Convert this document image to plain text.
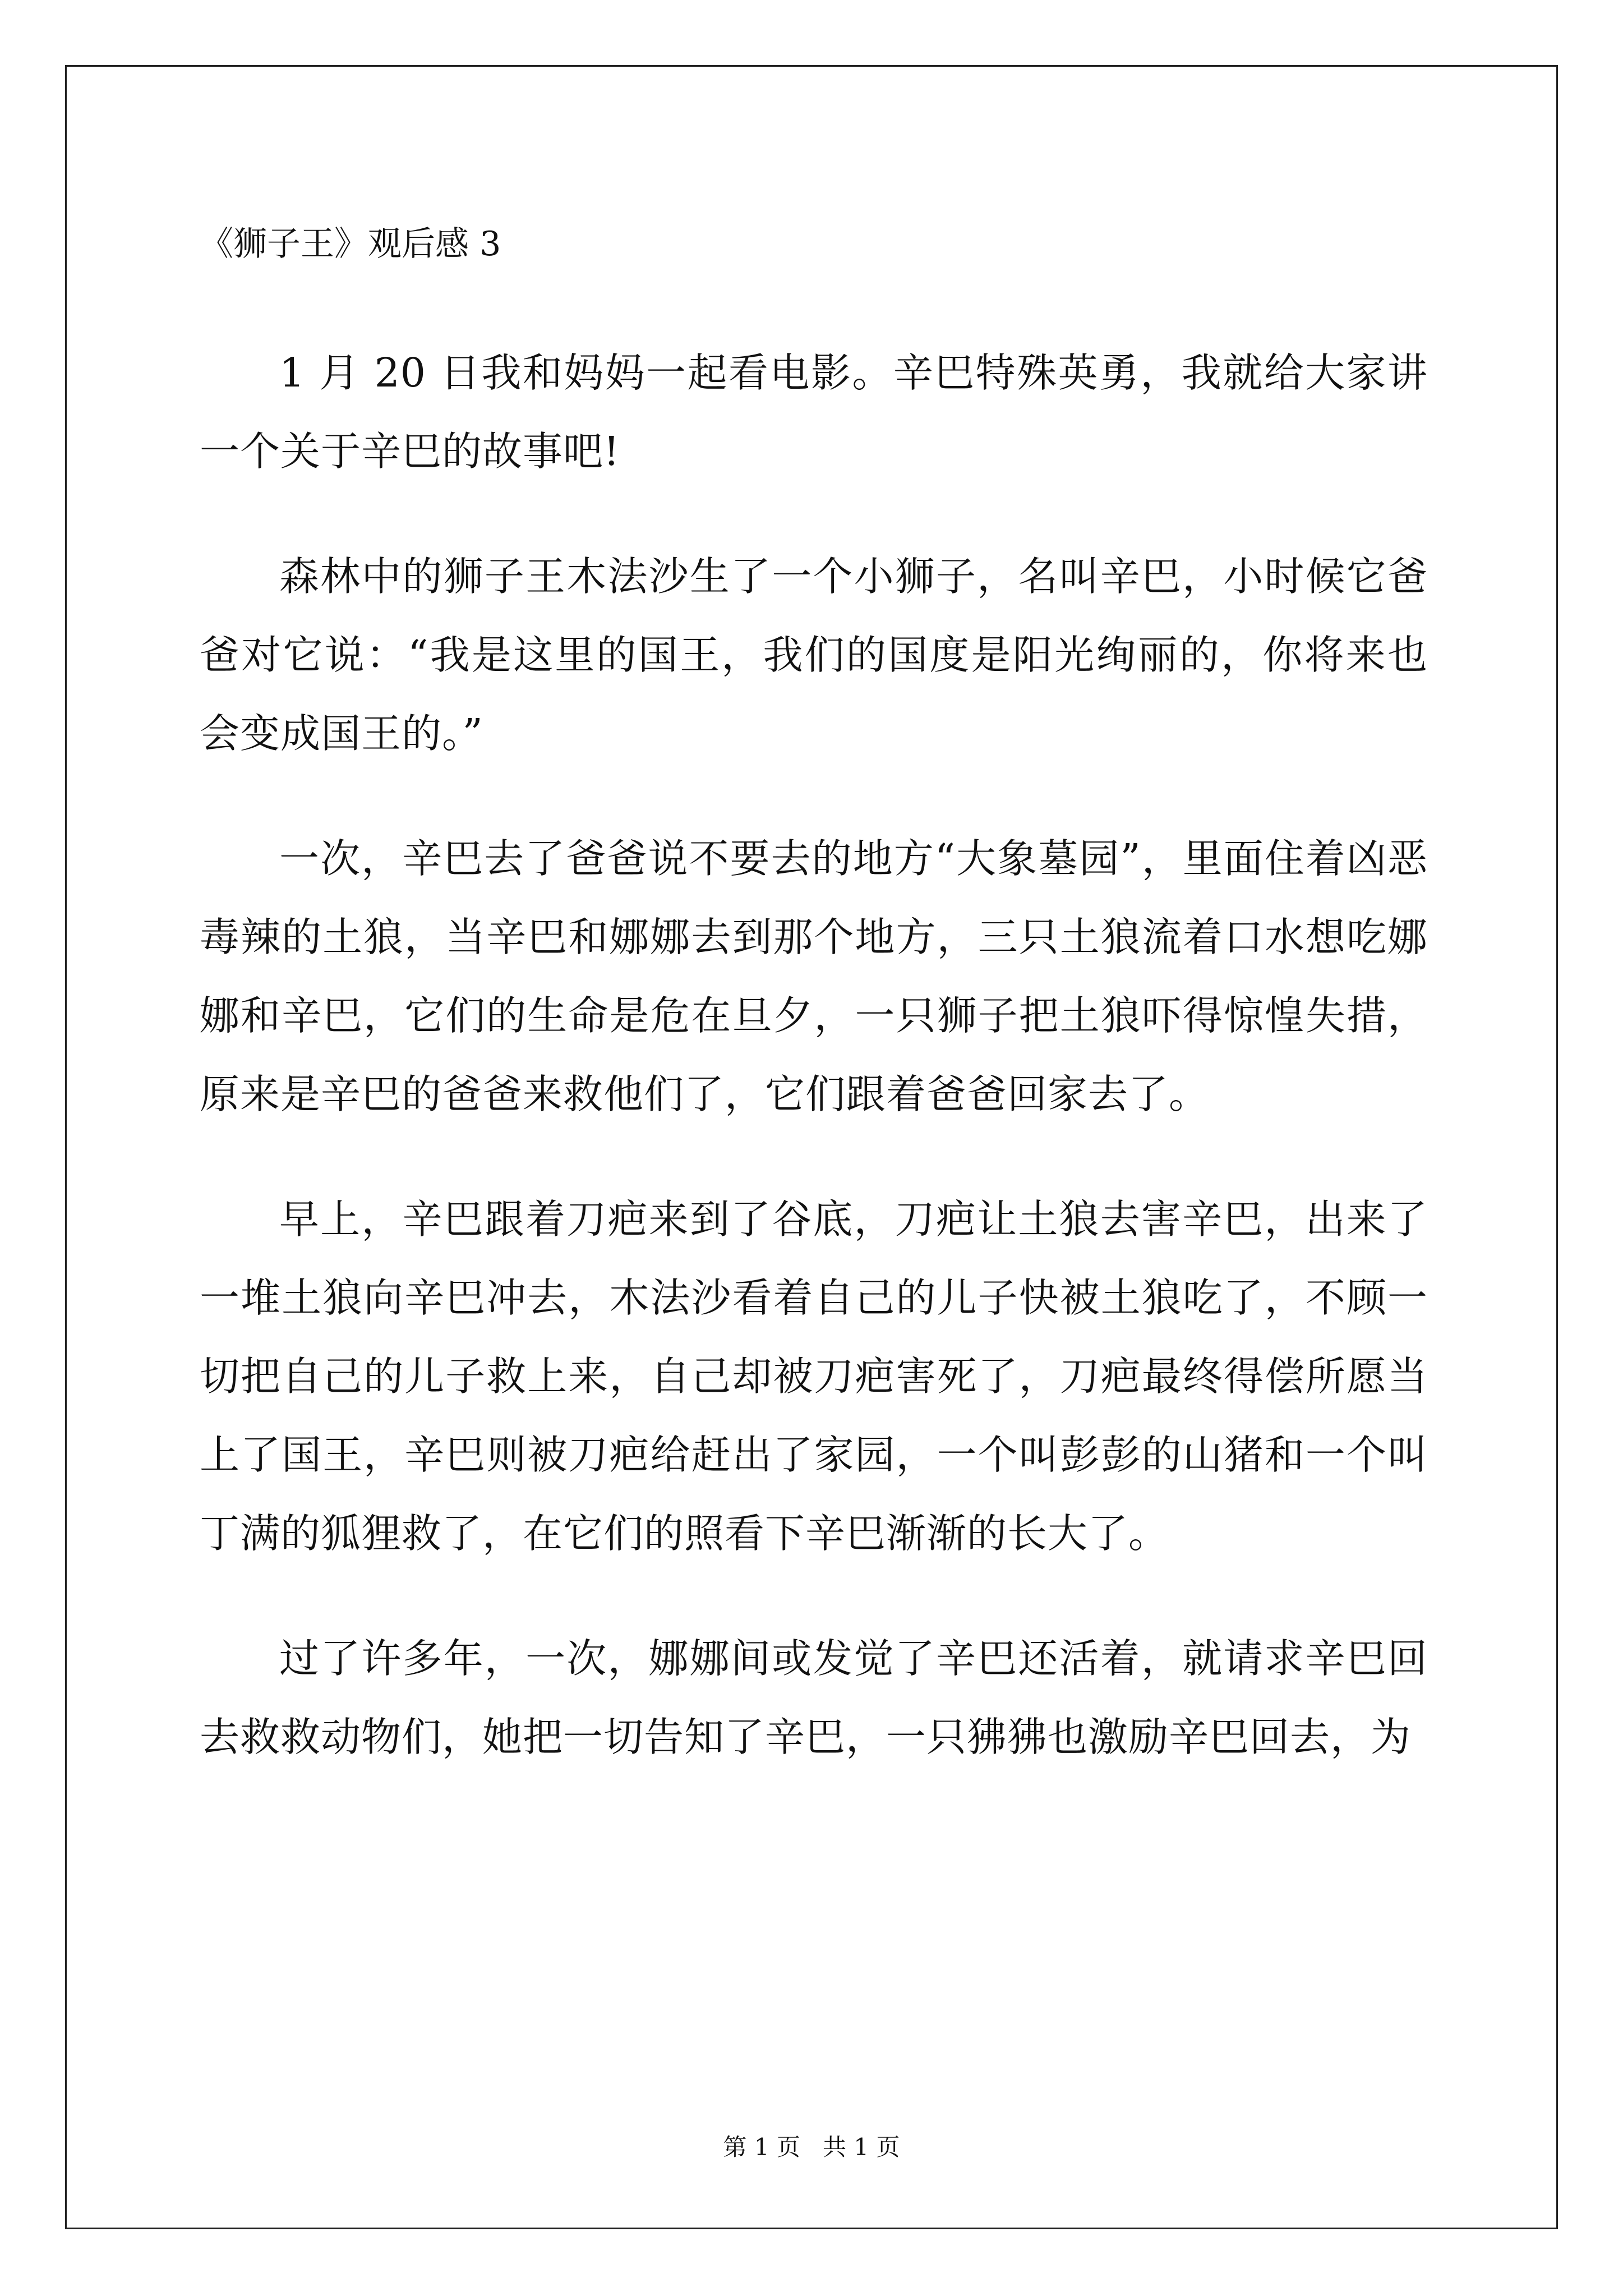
《狮子王》观后感 3

1 月 20 日我和妈妈一起看电影。辛巴特殊英勇，我就给大家讲一个关于辛巴的故事吧!

森林中的狮子王木法沙生了一个小狮子，名叫辛巴，小时候它爸爸对它说：“我是这里的国王，我们的国度是阳光绚丽的，你将来也会变成国王的。”

一次，辛巴去了爸爸说不要去的地方“大象墓园”，里面住着凶恶毒辣的土狼，当辛巴和娜娜去到那个地方，三只土狼流着口水想吃娜娜和辛巴，它们的生命是危在旦夕，一只狮子把土狼吓得惊惶失措，原来是辛巴的爸爸来救他们了，它们跟着爸爸回家去了。

早上，辛巴跟着刀疤来到了谷底，刀疤让土狼去害辛巴，出来了一堆土狼向辛巴冲去，木法沙看着自己的儿子快被土狼吃了，不顾一切把自己的儿子救上来，自己却被刀疤害死了，刀疤最终得偿所愿当上了国王，辛巴则被刀疤给赶出了家园，一个叫彭彭的山猪和一个叫丁满的狐狸救了，在它们的照看下辛巴渐渐的长大了。

过了许多年，一次，娜娜间或发觉了辛巴还活着，就请求辛巴回去救救动物们，她把一切告知了辛巴，一只狒狒也激励辛巴回去，为

第 1 页   共 1 页
